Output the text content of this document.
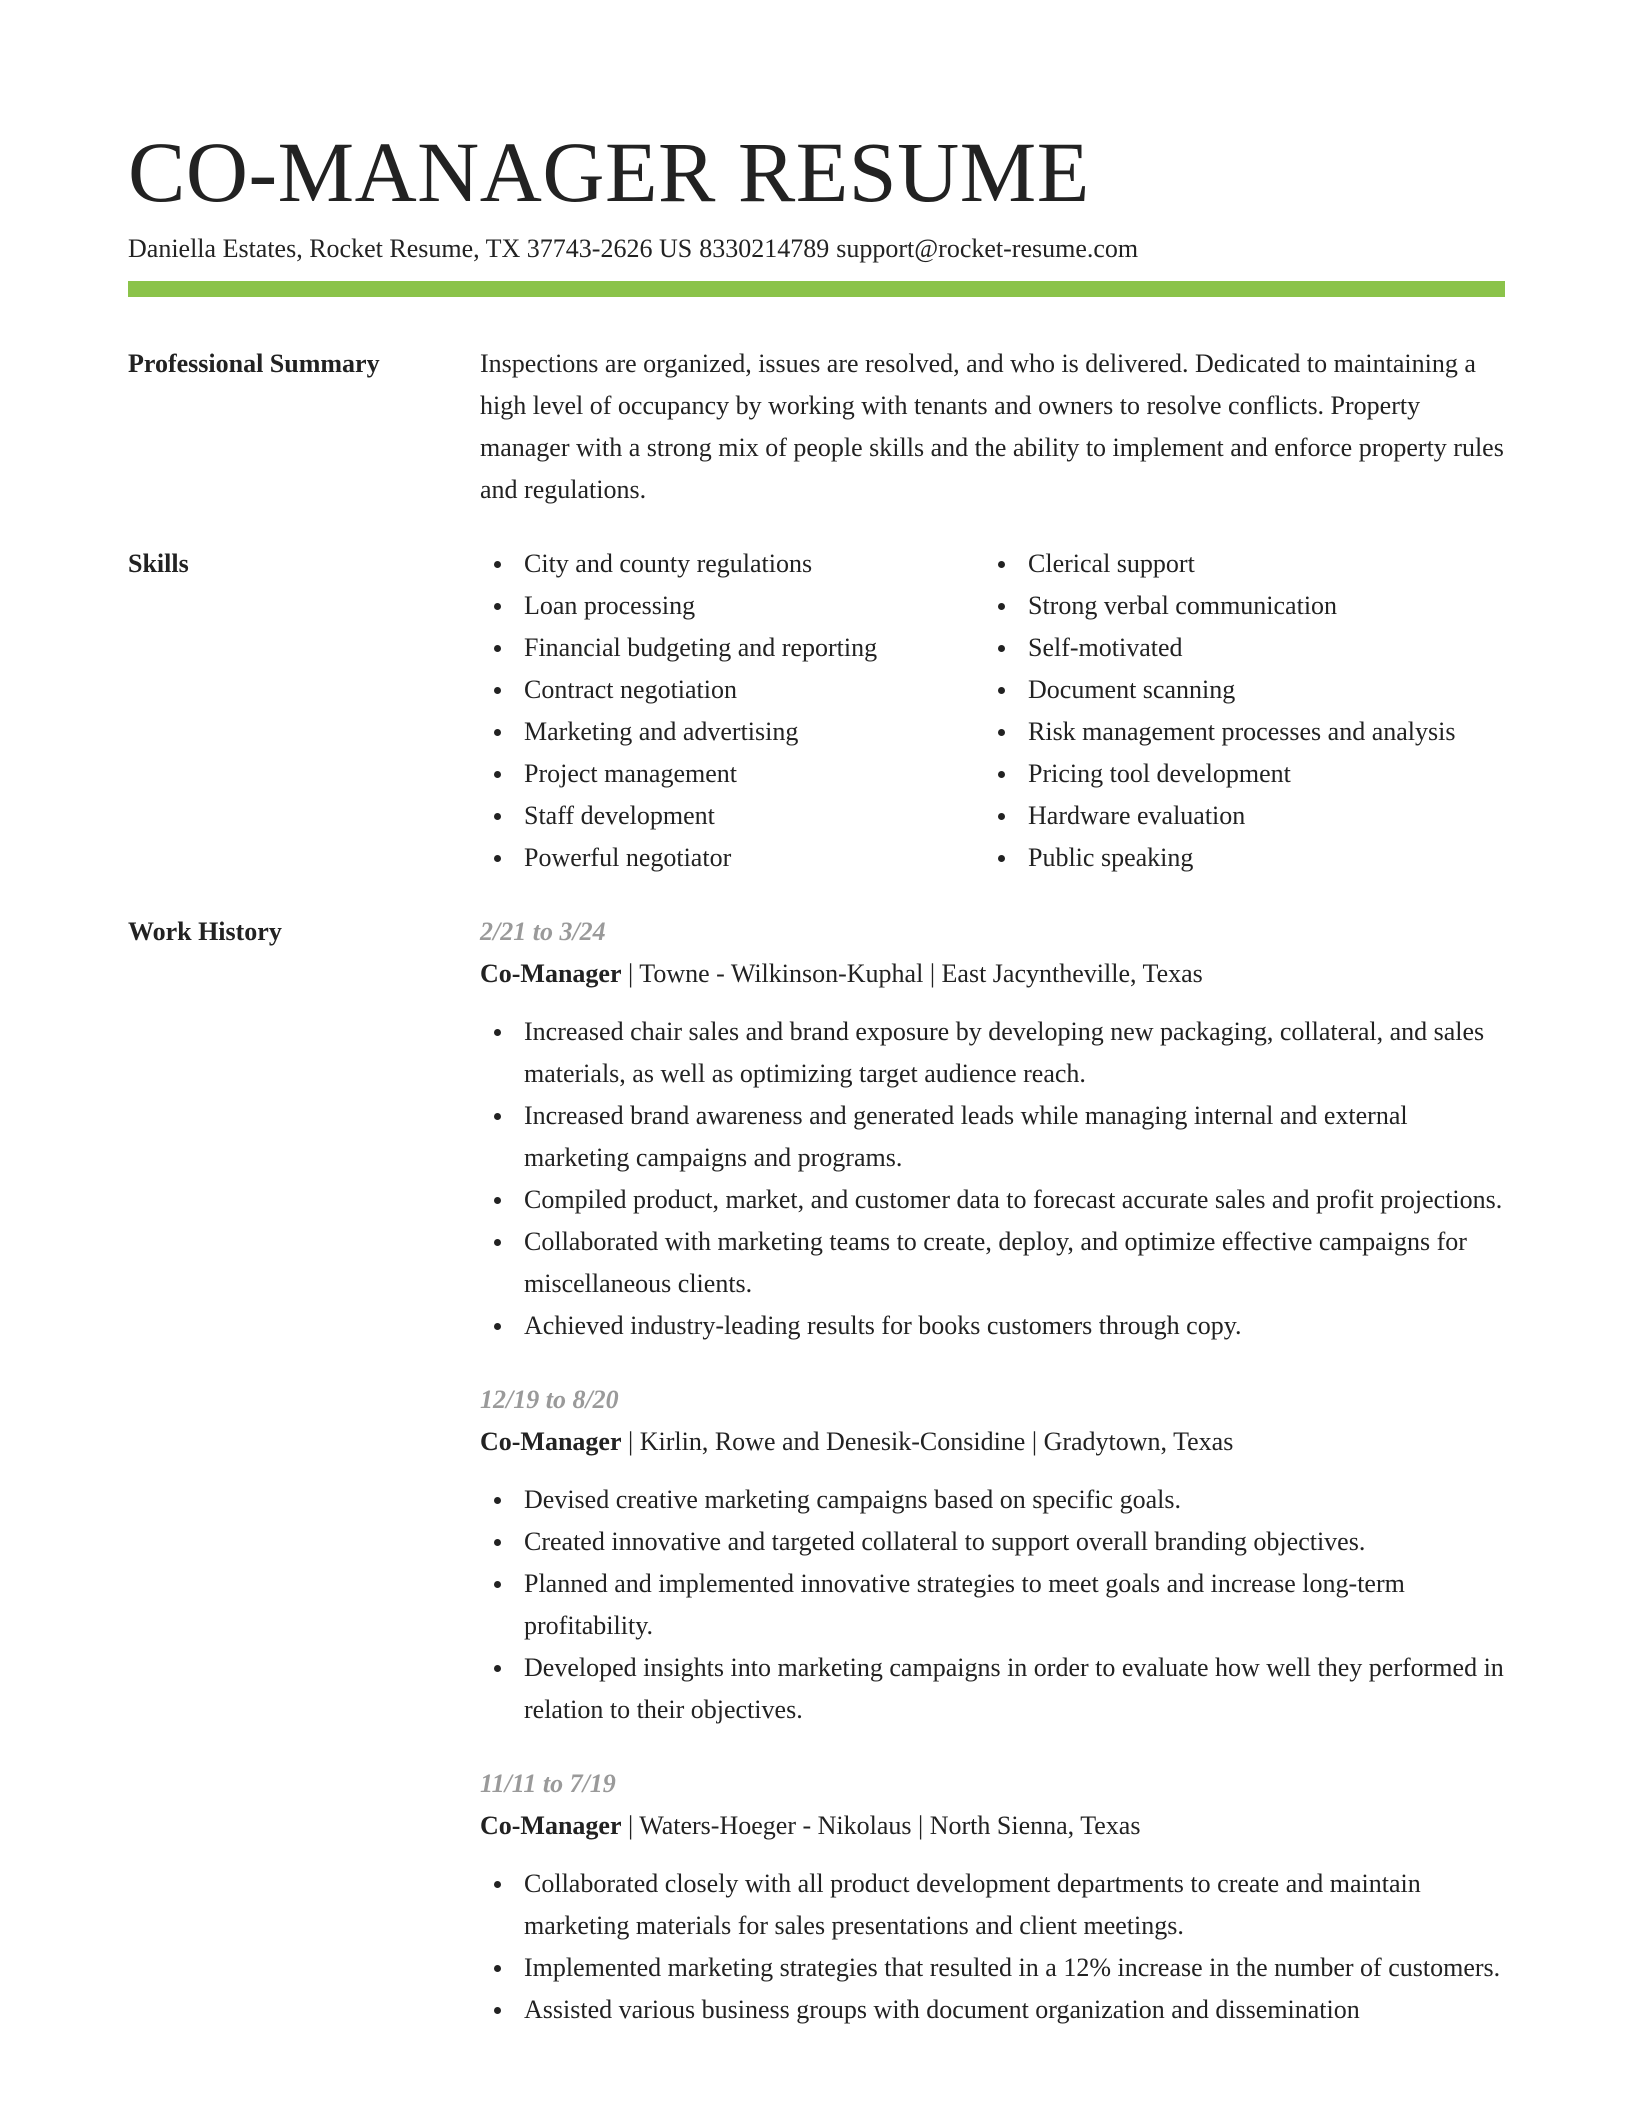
CO-MANAGER RESUME
Daniella Estates, Rocket Resume, TX 37743-2626 US 8330214789 support@rocket-resume.com
Professional Summary	Inspections are organized, issues are resolved, and who is delivered. Dedicated to maintaining a high level of occupancy by working with tenants and owners to resolve conflicts. Property manager with a strong mix of people skills and the ability to implement and enforce property rules and regulations.
Skills	City and county regulations
Loan processing
Financial budgeting and reporting
Contract negotiation
Marketing and advertising
Project management
Staff development
Powerful negotiator
Clerical support
Strong verbal communication
Self-motivated
Document scanning
Risk management processes and analysis
Pricing tool development
Hardware evaluation
Public speaking
Work History	2/21 to 3/24
Co-Manager | Towne - Wilkinson-Kuphal | East Jacyntheville, Texas
Increased chair sales and brand exposure by developing new packaging, collateral, and sales materials, as well as optimizing target audience reach.
Increased brand awareness and generated leads while managing internal and external marketing campaigns and programs.
Compiled product, market, and customer data to forecast accurate sales and profit projections.
Collaborated with marketing teams to create, deploy, and optimize effective campaigns for miscellaneous clients.
Achieved industry-leading results for books customers through copy.
12/19 to 8/20
Co-Manager | Kirlin, Rowe and Denesik-Considine | Gradytown, Texas
Devised creative marketing campaigns based on specific goals.
Created innovative and targeted collateral to support overall branding objectives.
Planned and implemented innovative strategies to meet goals and increase long-term profitability.
Developed insights into marketing campaigns in order to evaluate how well they performed in relation to their objectives.
11/11 to 7/19
Co-Manager | Waters-Hoeger - Nikolaus | North Sienna, Texas
Collaborated closely with all product development departments to create and maintain marketing materials for sales presentations and client meetings.
Implemented marketing strategies that resulted in a 12% increase in the number of customers.
Assisted various business groups with document organization and dissemination
